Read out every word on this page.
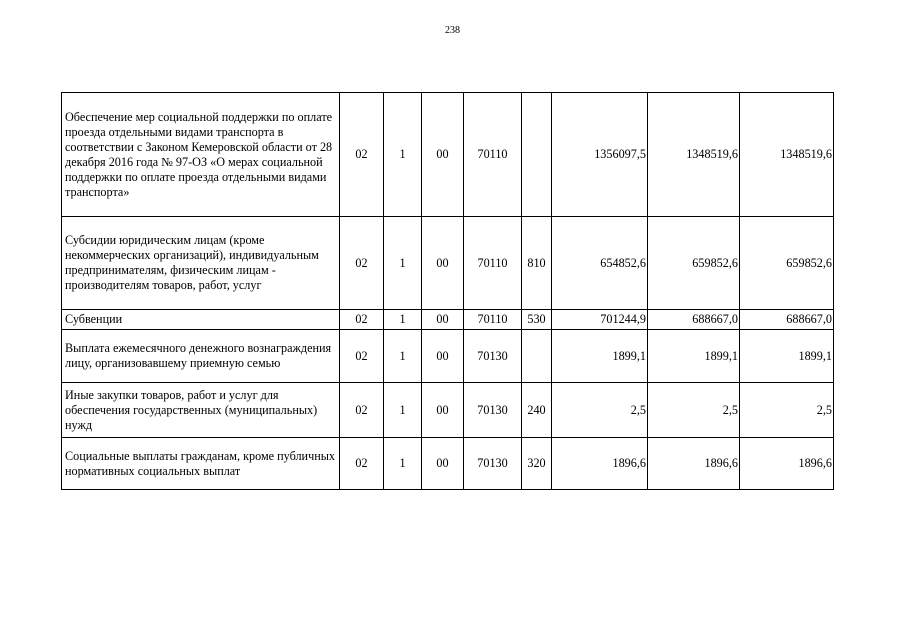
238
Обеспечение мер социальной поддержки по оплате проезда отдельными видами транспорта в соответствии с Законом Кемеровской области от 28 декабря 2016 года № 97-ОЗ «О мерах социальной поддержки по оплате проезда отдельными видами транспорта»	02	1	00	70110		1356097,5	1348519,6	1348519,6

Субсидии юридическим лицам (кроме некоммерческих организаций), индивидуальным предпринимателям, физическим лицам - производителям товаров, работ, услуг	02	1	00	70110	810	654852,6	659852,6	659852,6

Субвенции	02	1	00	70110	530	701244,9	688667,0	688667,0

Выплата ежемесячного денежного вознаграждения лицу, организовавшему приемную семью	02	1	00	70130		1899,1	1899,1	1899,1

Иные закупки товаров, работ и услуг для обеспечения государственных (муниципальных) нужд	02	1	00	70130	240	2,5	2,5	2,5

Социальные выплаты гражданам, кроме публичных нормативных социальных выплат	02	1	00	70130	320	1896,6	1896,6	1896,6
